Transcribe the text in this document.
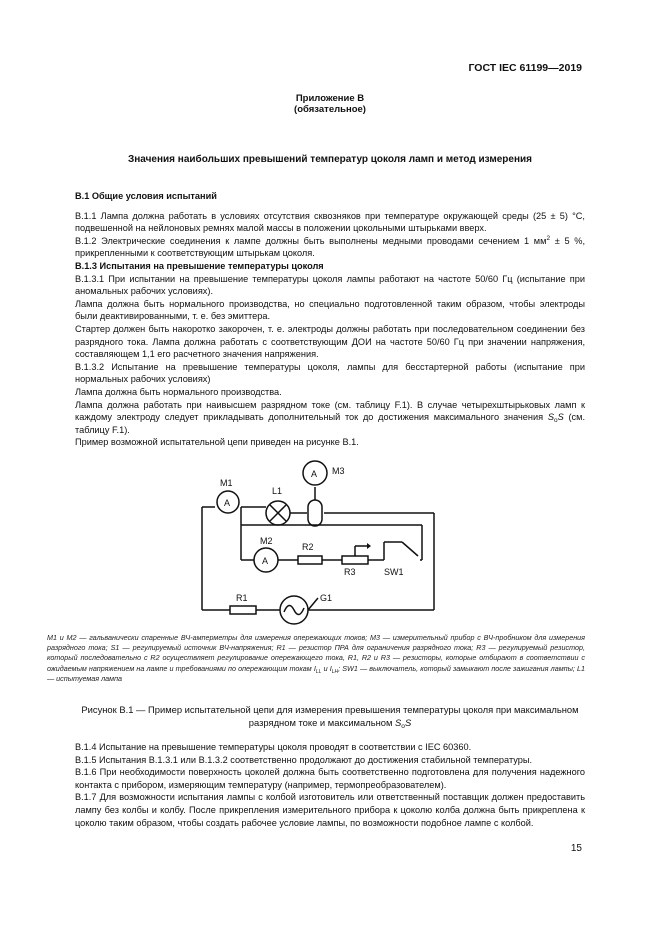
ГОСТ IEC 61199—2019
Приложение В
(обязательное)
Значения наибольших превышений температур цоколя ламп и метод измерения

В.1 Общие условия испытаний

В.1.1 Лампа должна работать в условиях отсутствия сквозняков при температуре окружающей среды (25 ± 5) °С, подвешенной на нейлоновых ремнях малой массы в положении цокольными штырьками вверх.

В.1.2 Электрические соединения к лампе должны быть выполнены медными проводами сечением 1 $мм^2 \pm 5$ %, прикрепленными к соответствующим штырькам цоколя.

В.1.3 Испытания на превышение температуры цоколя

В.1.3.1 При испытании на превышение температуры цоколя лампы работают на частоте 50/60 Гц (испытание при аномальных рабочих условиях).

Лампа должна быть нормального производства, но специально подготовленной таким образом, чтобы электроды были деактивированными, т. е. без эмиттера.

Стартер должен быть накоротко закорочен, т. е. электроды должны работать при последовательном соединении без разрядного тока. Лампа должна работать с соответствующим ДОИ на частоте 50/60 Гц при значении напряжения, составляющем 1,1 его расчетного значения напряжения.

В.1.3.2 Испытание на превышение температуры цоколя, лампы для бесстартерной работы (испытание при нормальных рабочих условиях)

Лампа должна быть нормального производства.

Лампа должна работать при наивысшем разрядном токе (см. таблицу F.1). В случае четырехштырьковых ламп к каждому электроду следует прикладывать дополнительный ток до достижения максимального значения $S_oS$ (см. таблицу F.1).

Пример возможной испытательной цепи приведен на рисунке В.1.

A
A
A
M1
M3
L1
M2
R2
R3	SW1
R1	G1
М1 и М2 — гальванически спаренные ВЧ-амперметры для измерения опережающих токов; М3 — измерительный прибор с ВЧ-пробником для измерения разрядного тока; S1 — регулируемый источник ВЧ-напряжения; R1 — резистор ПРА для ограничения разрядного тока; R3 — регулируемый резистор, который последовательно с R2 осуществляет регулирование опережающего тока, R1, R2 и R3 — резисторы, которые отбирают в соответствии с ожидаемым напряжением на лампе и требованиями по опережающим токам $I_{LL}$ и $I_{LH}$; SW1 — выключатель, который замыкают после зажигания лампы; L1 — испытуемая лампа
Рисунок В.1 — Пример испытательной цепи для измерения превышения температуры цоколя при максимальном разрядном токе и максимальном $S_oS$

В.1.4 Испытание на превышение температуры цоколя проводят в соответствии с IEC 60360.

В.1.5 Испытания В.1.3.1 или В.1.3.2 соответственно продолжают до достижения стабильной температуры.

В.1.6 При необходимости поверхность цоколей должна быть соответственно подготовлена для получения надежного контакта с прибором, измеряющим температуру (например, термопреобразователем).

В.1.7 Для возможности испытания лампы с колбой изготовитель или ответственный поставщик должен предоставить лампу без колбы и колбу. После прикрепления измерительного прибора к цоколю колба должна быть прикреплена к цоколю таким образом, чтобы создать рабочее условие лампы, по возможности подобное лампе с колбой.

15
